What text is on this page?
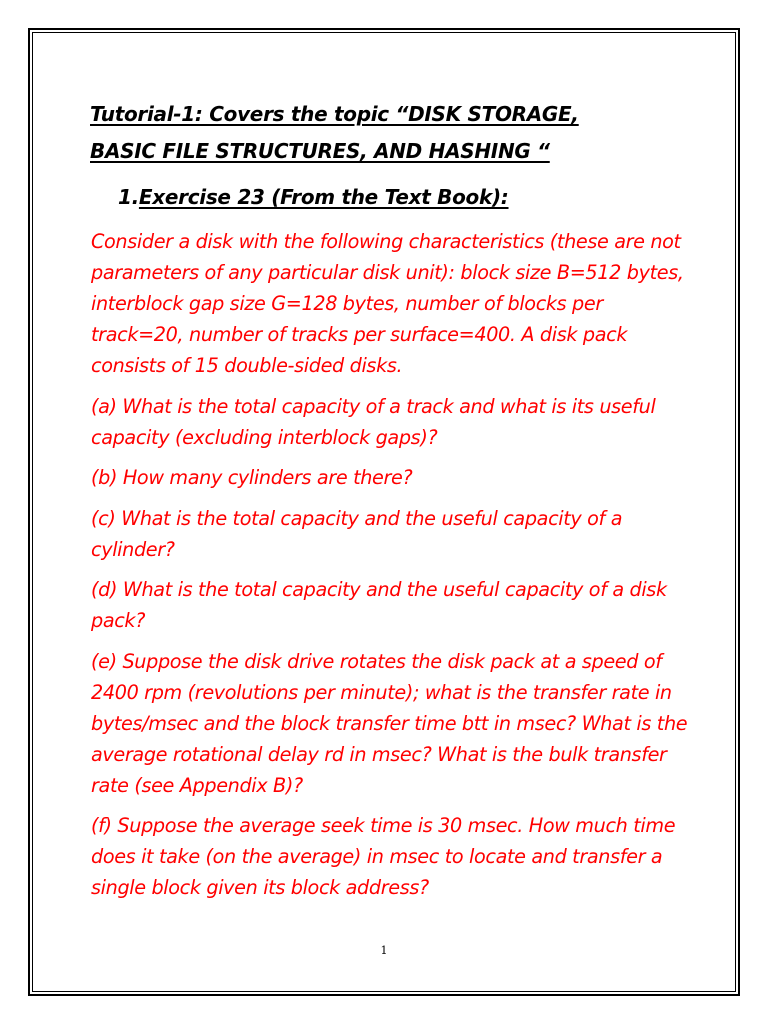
Tutorial-1: Covers the topic “DISK STORAGE,
BASIC FILE STRUCTURES, AND HASHING “
1.Exercise 23 (From the Text Book):

Consider a disk with the following characteristics (these are not parameters of any particular disk unit): block size B=512 bytes, interblock gap size G=128 bytes, number of blocks per track=20, number of tracks per surface=400. A disk pack consists of 15 double-sided disks.

(a) What is the total capacity of a track and what is its useful capacity (excluding interblock gaps)?

(b) How many cylinders are there?

(c) What is the total capacity and the useful capacity of a cylinder?

(d) What is the total capacity and the useful capacity of a disk pack?

(e) Suppose the disk drive rotates the disk pack at a speed of 2400 rpm (revolutions per minute); what is the transfer rate in bytes/msec and the block transfer time btt in msec? What is the average rotational delay rd in msec? What is the bulk transfer rate (see Appendix B)?

(f) Suppose the average seek time is 30 msec. How much time does it take (on the average) in msec to locate and transfer a single block given its block address?

1
